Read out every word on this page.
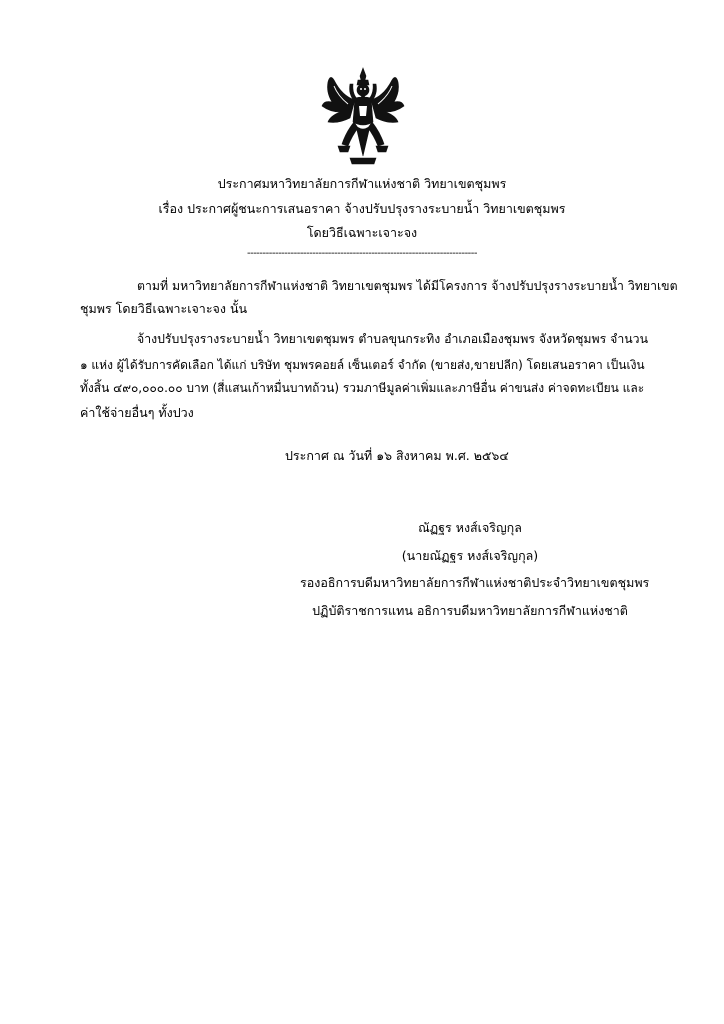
ประกาศมหาวิทยาลัยการกีฬาแห่งชาติ วิทยาเขตชุมพร
เรื่อง ประกาศผู้ชนะการเสนอราคา จ้างปรับปรุงรางระบายน้ำ วิทยาเขตชุมพร
โดยวิธีเฉพาะเจาะจง
--------------------------------------------------------------------------
ตามที่ มหาวิทยาลัยการกีฬาแห่งชาติ วิทยาเขตชุมพร ได้มีโครงการ จ้างปรับปรุงรางระบายน้ำ วิทยาเขต
ชุมพร โดยวิธีเฉพาะเจาะจง นั้น
จ้างปรับปรุงรางระบายน้ำ วิทยาเขตชุมพร ตำบลขุนกระทิง อำเภอเมืองชุมพร จังหวัดชุมพร จำนวน
๑ แห่ง ผู้ได้รับการคัดเลือก ได้แก่ บริษัท ชุมพรคอยล์ เซ็นเตอร์ จำกัด (ขายส่ง,ขายปลีก) โดยเสนอราคา เป็นเงิน
ทั้งสิ้น ๔๙๐,๐๐๐.๐๐ บาท (สี่แสนเก้าหมื่นบาทถ้วน) รวมภาษีมูลค่าเพิ่มและภาษีอื่น ค่าขนส่ง ค่าจดทะเบียน และ
ค่าใช้จ่ายอื่นๆ ทั้งปวง
ประกาศ ณ วันที่ ๑๖ สิงหาคม พ.ศ. ๒๕๖๔
ณัฏฐร หงส์เจริญกุล
(นายณัฏฐร หงส์เจริญกุล)
รองอธิการบดีมหาวิทยาลัยการกีฬาแห่งชาติประจำวิทยาเขตชุมพร
ปฏิบัติราชการแทน อธิการบดีมหาวิทยาลัยการกีฬาแห่งชาติ
